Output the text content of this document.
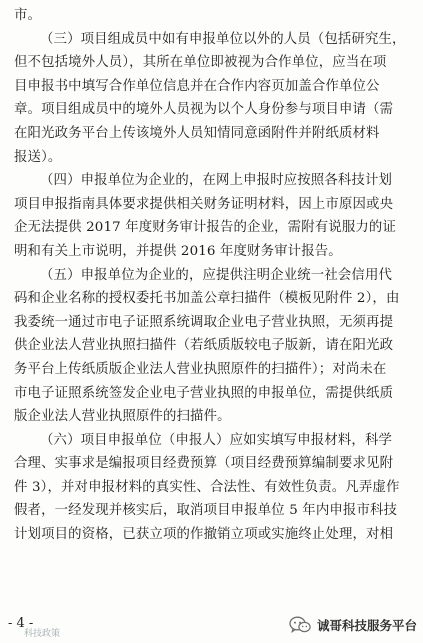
市。
（三）项目组成员中如有申报单位以外的人员（包括研究生，
但不包括境外人员），其所在单位即被视为合作单位，应当在项
目申报书中填写合作单位信息并在合作内容页加盖合作单位公
章。项目组成员中的境外人员视为以个人身份参与项目申请（需
在阳光政务平台上传该境外人员知情同意函附件并附纸质材料
报送）。
（四）申报单位为企业的，在网上申报时应按照各科技计划
项目申报指南具体要求提供相关财务证明材料，因上市原因或央
企无法提供 2017 年度财务审计报告的企业，需附有说服力的证
明和有关上市说明，并提供 2016 年度财务审计报告。
（五）申报单位为企业的，应提供注明企业统一社会信用代
码和企业名称的授权委托书加盖公章扫描件（模板见附件 2），由
我委统一通过市电子证照系统调取企业电子营业执照，无须再提
供企业法人营业执照扫描件（若纸质版较电子版新，请在阳光政
务平台上传纸质版企业法人营业执照原件的扫描件）；对尚未在
市电子证照系统签发企业电子营业执照的申报单位，需提供纸质
版企业法人营业执照原件的扫描件。
（六）项目申报单位（申报人）应如实填写申报材料，科学
合理、实事求是编报项目经费预算（项目经费预算编制要求见附
件 3），并对申报材料的真实性、合法性、有效性负责。凡弄虚作
假者，一经发现并核实后，取消项目申报单位 5 年内申报市科技
计划项目的资格，已获立项的作撤销立项或实施终止处理，对相
- 4 -
科技政策
诚哥科技服务平台
